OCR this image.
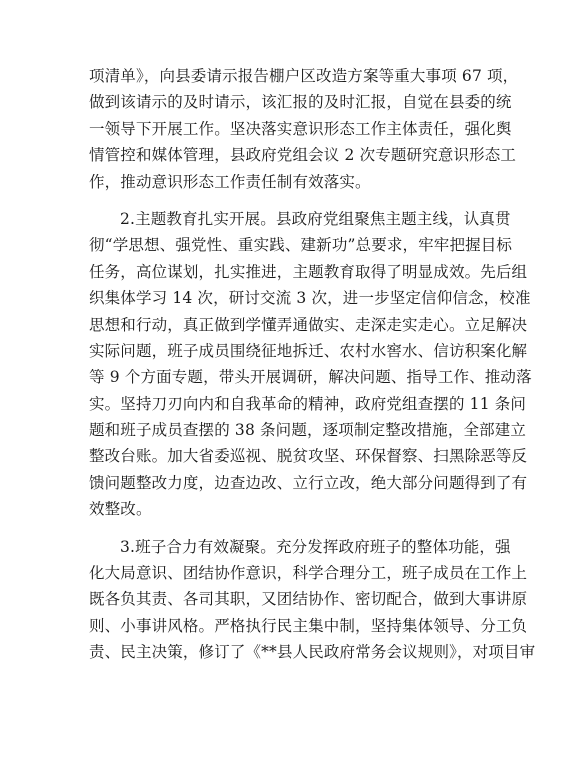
项清单》，向县委请示报告棚户区改造方案等重大事项 67 项，
做到该请示的及时请示，该汇报的及时汇报，自觉在县委的统
一领导下开展工作。坚决落实意识形态工作主体责任，强化舆
情管控和媒体管理，县政府党组会议 2 次专题研究意识形态工
作，推动意识形态工作责任制有效落实。
2.主题教育扎实开展。县政府党组聚焦主题主线，认真贯
彻“学思想、强党性、重实践、建新功”总要求，牢牢把握目标
任务，高位谋划，扎实推进，主题教育取得了明显成效。先后组
织集体学习 14 次，研讨交流 3 次，进一步坚定信仰信念，校准
思想和行动，真正做到学懂弄通做实、走深走实走心。立足解决
实际问题，班子成员围绕征地拆迁、农村水窖水、信访积案化解
等 9 个方面专题，带头开展调研，解决问题、指导工作、推动落
实。坚持刀刃向内和自我革命的精神，政府党组查摆的 11 条问
题和班子成员查摆的 38 条问题，逐项制定整改措施，全部建立
整改台账。加大省委巡视、脱贫攻坚、环保督察、扫黑除恶等反
馈问题整改力度，边查边改、立行立改，绝大部分问题得到了有
效整改。
3.班子合力有效凝聚。充分发挥政府班子的整体功能，强
化大局意识、团结协作意识，科学合理分工，班子成员在工作上
既各负其责、各司其职，又团结协作、密切配合，做到大事讲原
则、小事讲风格。严格执行民主集中制，坚持集体领导、分工负
责、民主决策，修订了《**县人民政府常务会议规则》，对项目审
